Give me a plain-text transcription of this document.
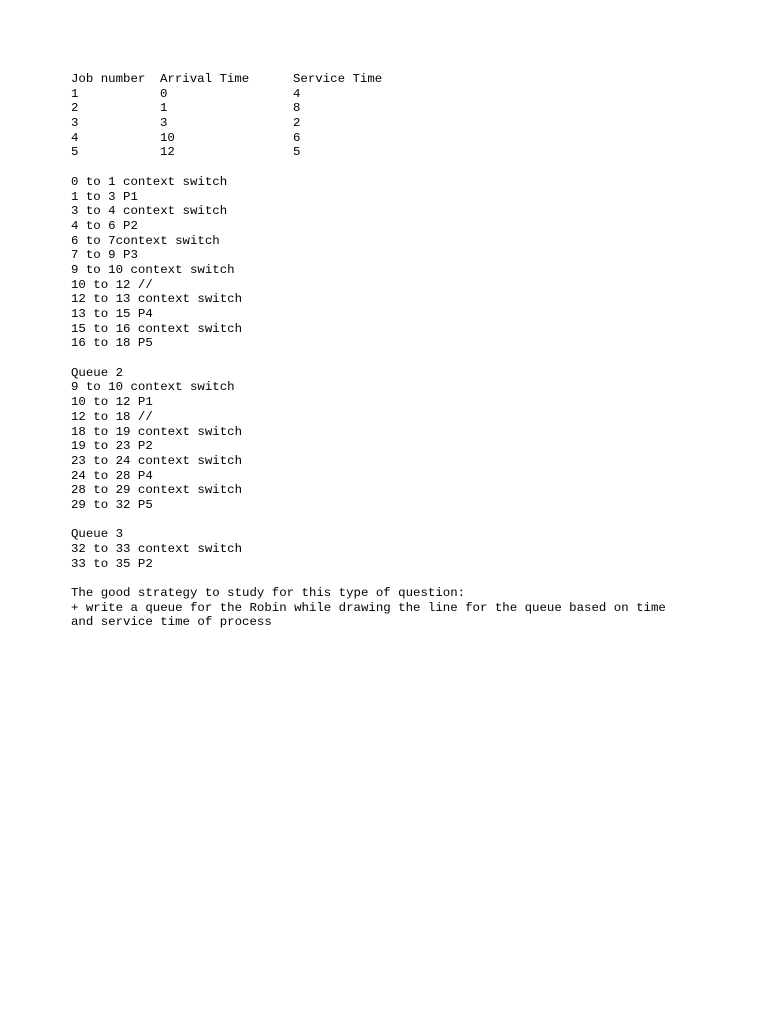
Job number	Arrival Time	Service Time
1	0	4
2	1	8
3	3	2
4	10	6
5	12	5
0 to 1 context switch
1 to 3 P1
3 to 4 context switch
4 to 6 P2
6 to 7context switch
7 to 9 P3
9 to 10 context switch
10 to 12 //
12 to 13 context switch
13 to 15 P4
15 to 16 context switch
16 to 18 P5
Queue 2
9 to 10 context switch
10 to 12 P1
12 to 18 //
18 to 19 context switch
19 to 23 P2
23 to 24 context switch
24 to 28 P4
28 to 29 context switch
29 to 32 P5
Queue 3
32 to 33 context switch
33 to 35 P2
The good strategy to study for this type of question:
+ write a queue for the Robin while drawing the line for the queue based on time and service time of process
